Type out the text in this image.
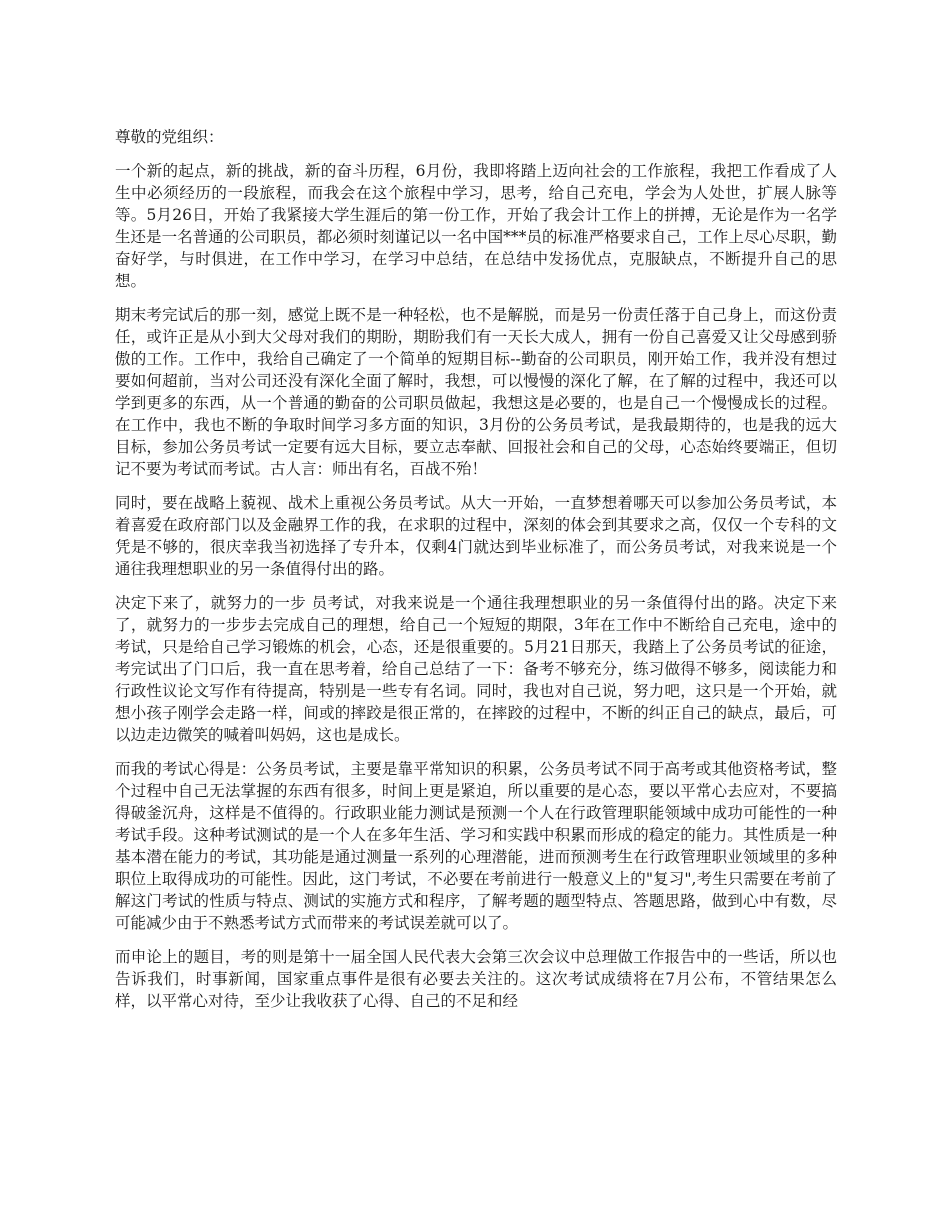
尊敬的党组织：

一个新的起点，新的挑战，新的奋斗历程，6月份，我即将踏上迈向社会的工作旅程，我把工作看成了人生中必须经历的一段旅程，而我会在这个旅程中学习，思考，给自己充电，学会为人处世，扩展人脉等等。5月26日，开始了我紧接大学生涯后的第一份工作，开始了我会计工作上的拼搏，无论是作为一名学生还是一名普通的公司职员，都必须时刻谨记以一名中国***员的标准严格要求自己，工作上尽心尽职，勤奋好学，与时俱进，在工作中学习，在学习中总结，在总结中发扬优点，克服缺点，不断提升自己的思想。

期末考完试后的那一刻，感觉上既不是一种轻松，也不是解脱，而是另一份责任落于自己身上，而这份责任，或许正是从小到大父母对我们的期盼，期盼我们有一天长大成人，拥有一份自己喜爱又让父母感到骄傲的工作。工作中，我给自己确定了一个简单的短期目标--勤奋的公司职员，刚开始工作，我并没有想过要如何超前，当对公司还没有深化全面了解时，我想，可以慢慢的深化了解，在了解的过程中，我还可以学到更多的东西，从一个普通的勤奋的公司职员做起，我想这是必要的，也是自己一个慢慢成长的过程。在工作中，我也不断的争取时间学习多方面的知识，3月份的公务员考试，是我最期待的，也是我的远大目标，参加公务员考试一定要有远大目标，要立志奉献、回报社会和自己的父母，心态始终要端正，但切记不要为考试而考试。古人言：师出有名，百战不殆！

同时，要在战略上藐视、战术上重视公务员考试。从大一开始，一直梦想着哪天可以参加公务员考试，本着喜爱在政府部门以及金融界工作的我，在求职的过程中，深刻的体会到其要求之高，仅仅一个专科的文凭是不够的，很庆幸我当初选择了专升本，仅剩4门就达到毕业标准了，而公务员考试，对我来说是一个通往我理想职业的另一条值得付出的路。

决定下来了，就努力的一步 员考试，对我来说是一个通往我理想职业的另一条值得付出的路。决定下来了，就努力的一步步去完成自己的理想，给自己一个短短的期限，3年在工作中不断给自己充电，途中的考试，只是给自己学习锻炼的机会，心态，还是很重要的。5月21日那天，我踏上了公务员考试的征途，考完试出了门口后，我一直在思考着，给自己总结了一下：备考不够充分，练习做得不够多，阅读能力和行政性议论文写作有待提高，特别是一些专有名词。同时，我也对自己说，努力吧，这只是一个开始，就想小孩子刚学会走路一样，间或的摔跤是很正常的，在摔跤的过程中，不断的纠正自己的缺点，最后，可以边走边微笑的喊着叫妈妈，这也是成长。

而我的考试心得是：公务员考试，主要是靠平常知识的积累，公务员考试不同于高考或其他资格考试，整个过程中自己无法掌握的东西有很多，时间上更是紧迫，所以重要的是心态，要以平常心去应对，不要搞得破釜沉舟，这样是不值得的。行政职业能力测试是预测一个人在行政管理职能领域中成功可能性的一种考试手段。这种考试测试的是一个人在多年生活、学习和实践中积累而形成的稳定的能力。其性质是一种基本潜在能力的考试，其功能是通过测量一系列的心理潜能，进而预测考生在行政管理职业领域里的多种职位上取得成功的可能性。因此，这门考试，不必要在考前进行一般意义上的"复习",考生只需要在考前了解这门考试的性质与特点、测试的实施方式和程序，了解考题的题型特点、答题思路，做到心中有数，尽可能减少由于不熟悉考试方式而带来的考试误差就可以了。

而申论上的题目，考的则是第十一届全国人民代表大会第三次会议中总理做工作报告中的一些话，所以也告诉我们，时事新闻，国家重点事件是很有必要去关注的。这次考试成绩将在7月公布，不管结果怎么样，以平常心对待，至少让我收获了心得、自己的不足和经
